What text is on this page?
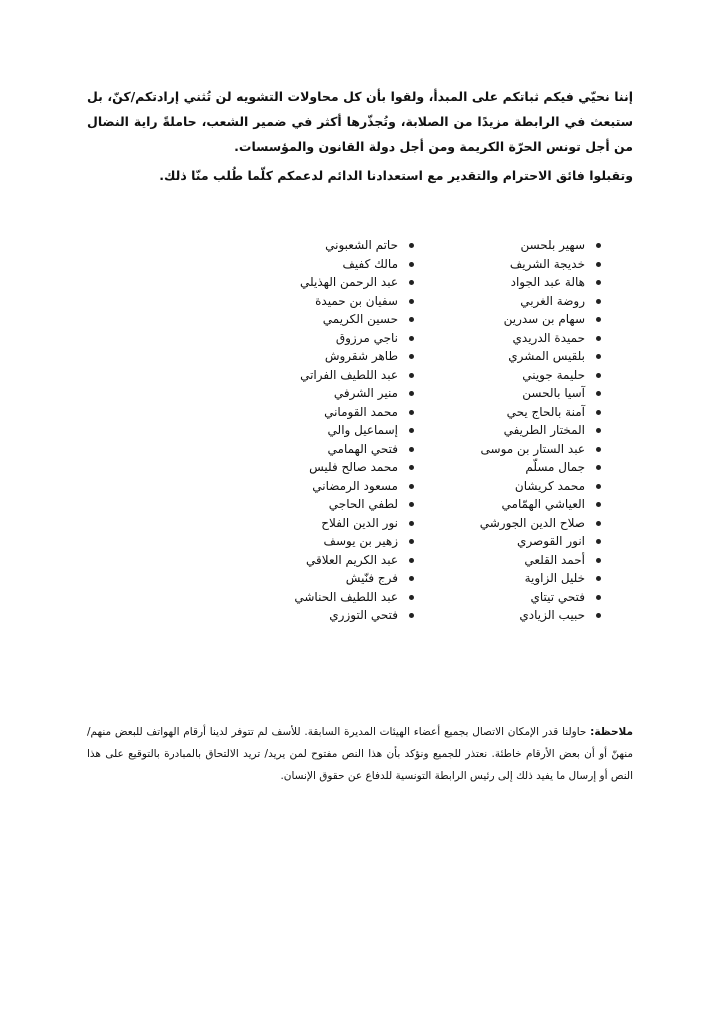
إننا نحيّي فيكم ثباتكم على المبدأ، ولقوا بأن كل محاولات التشويه لن تُثني إرادتكم/كنّ، بل ستبعث في الرابطة مزيدًا من الصلابة، وتُجذّرها أكثر في ضمير الشعب، حاملةً راية النضال من أجل تونس الحرّة الكريمة ومن أجل دولة القانون والمؤسسات.

وتقبلوا فائق الاحترام والتقدير مع استعدادنا الدائم لدعمكم كلّما طُلب منّا ذلك.

سهير بلحسن
خديجة الشريف
هالة عبد الجواد
روضة الغربي
سهام بن سدرين
حميدة الدريدي
بلقيس المشري
حليمة جويني
آسيا بالحسن
آمنة بالحاج يحي
المختار الطريفي
عبد الستار بن موسى
جمال مسلّم
محمد كريشان
العياشي الهمّامي
صلاح الدين الجورشي
انور القوصري
أحمد القلعي
خليل الزاوية
فتحي تيتاي
حبيب الزيادي
حاتم الشعبوني
مالك كفيف
عبد الرحمن الهذيلي
سفيان بن حميدة
حسين الكريمي
ناجي مرزوق
طاهر شقروش
عبد اللطيف الفراتي
منير الشرفي
محمد القوماني
إسماعيل والي
فتحي الهمامي
محمد صالح فليس
مسعود الرمضاني
لطفي الحاجي
نور الدين الفلاح
زهير بن يوسف
عبد الكريم العلاقي
فرج فنّيش
عبد اللطيف الحناشي
فتحي التوزري

ملاحظة: حاولنا قدر الإمكان الاتصال بجميع أعضاء الهيئات المديرة السابقة. للأسف لم تتوفر لدينا أرقام الهواتف للبعض منهم/منهنّ أو أن بعض الأرقام خاطئة. نعتذر للجميع ونؤكد بأن هذا النص مفتوح لمن يريد/ تريد الالتحاق بالمبادرة بالتوقيع على هذا النص أو إرسال ما يفيد ذلك إلى رئيس الرابطة التونسية للدفاع عن حقوق الإنسان.
